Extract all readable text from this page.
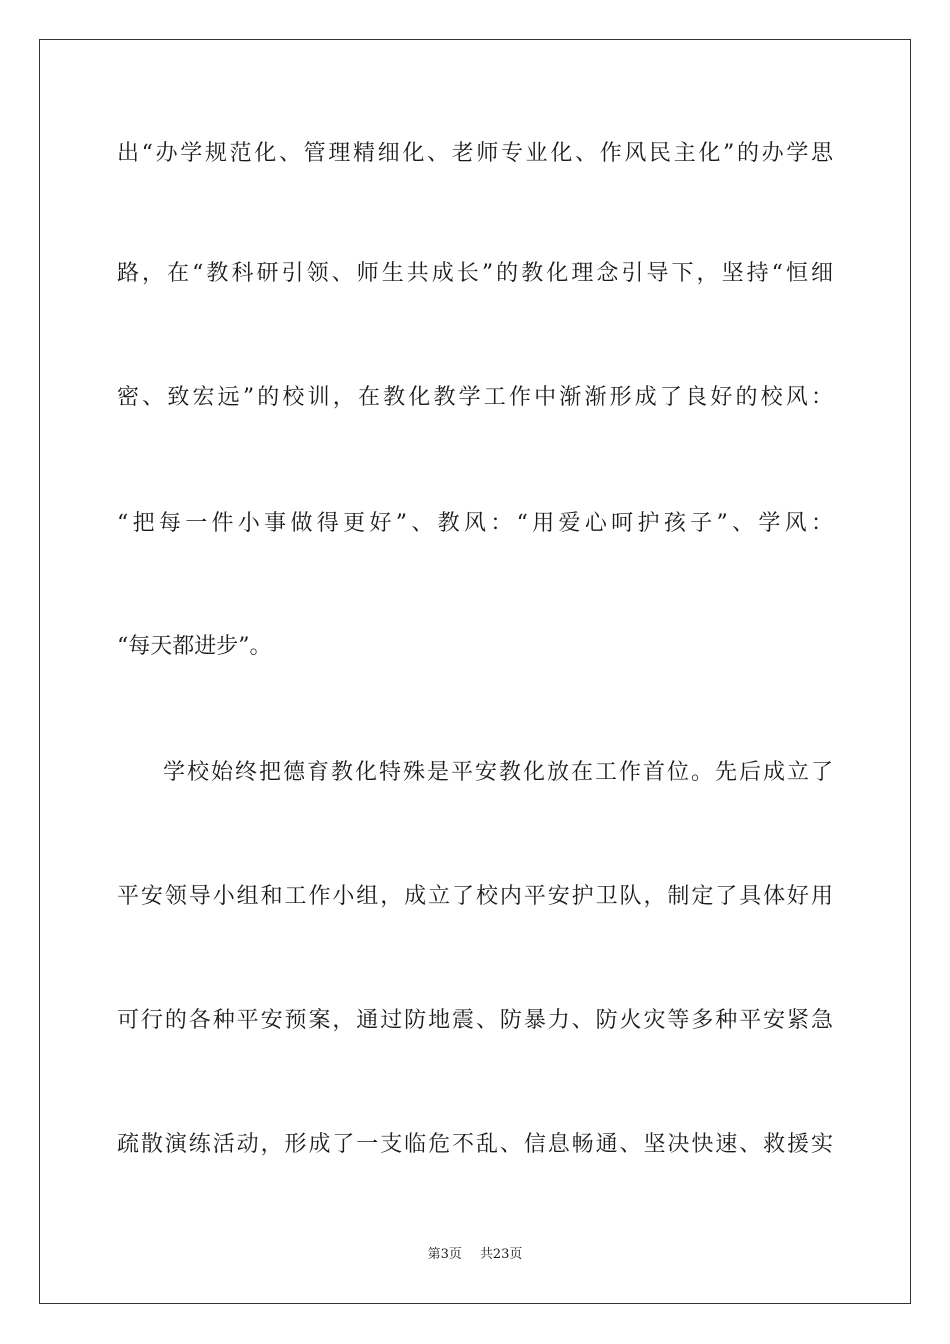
出“办学规范化、管理精细化、老师专业化、作风民主化”的办学思

路，在“教科研引领、师生共成长”的教化理念引导下，坚持“恒细

密、致宏远”的校训，在教化教学工作中渐渐形成了良好的校风：

“把每一件小事做得更好”、教风：“用爱心呵护孩子”、学风：

“每天都进步”。

学校始终把德育教化特殊是平安教化放在工作首位。先后成立了

平安领导小组和工作小组，成立了校内平安护卫队，制定了具体好用

可行的各种平安预案，通过防地震、防暴力、防火灾等多种平安紧急

疏散演练活动，形成了一支临危不乱、信息畅通、坚决快速、救援实

第3页 共23页
